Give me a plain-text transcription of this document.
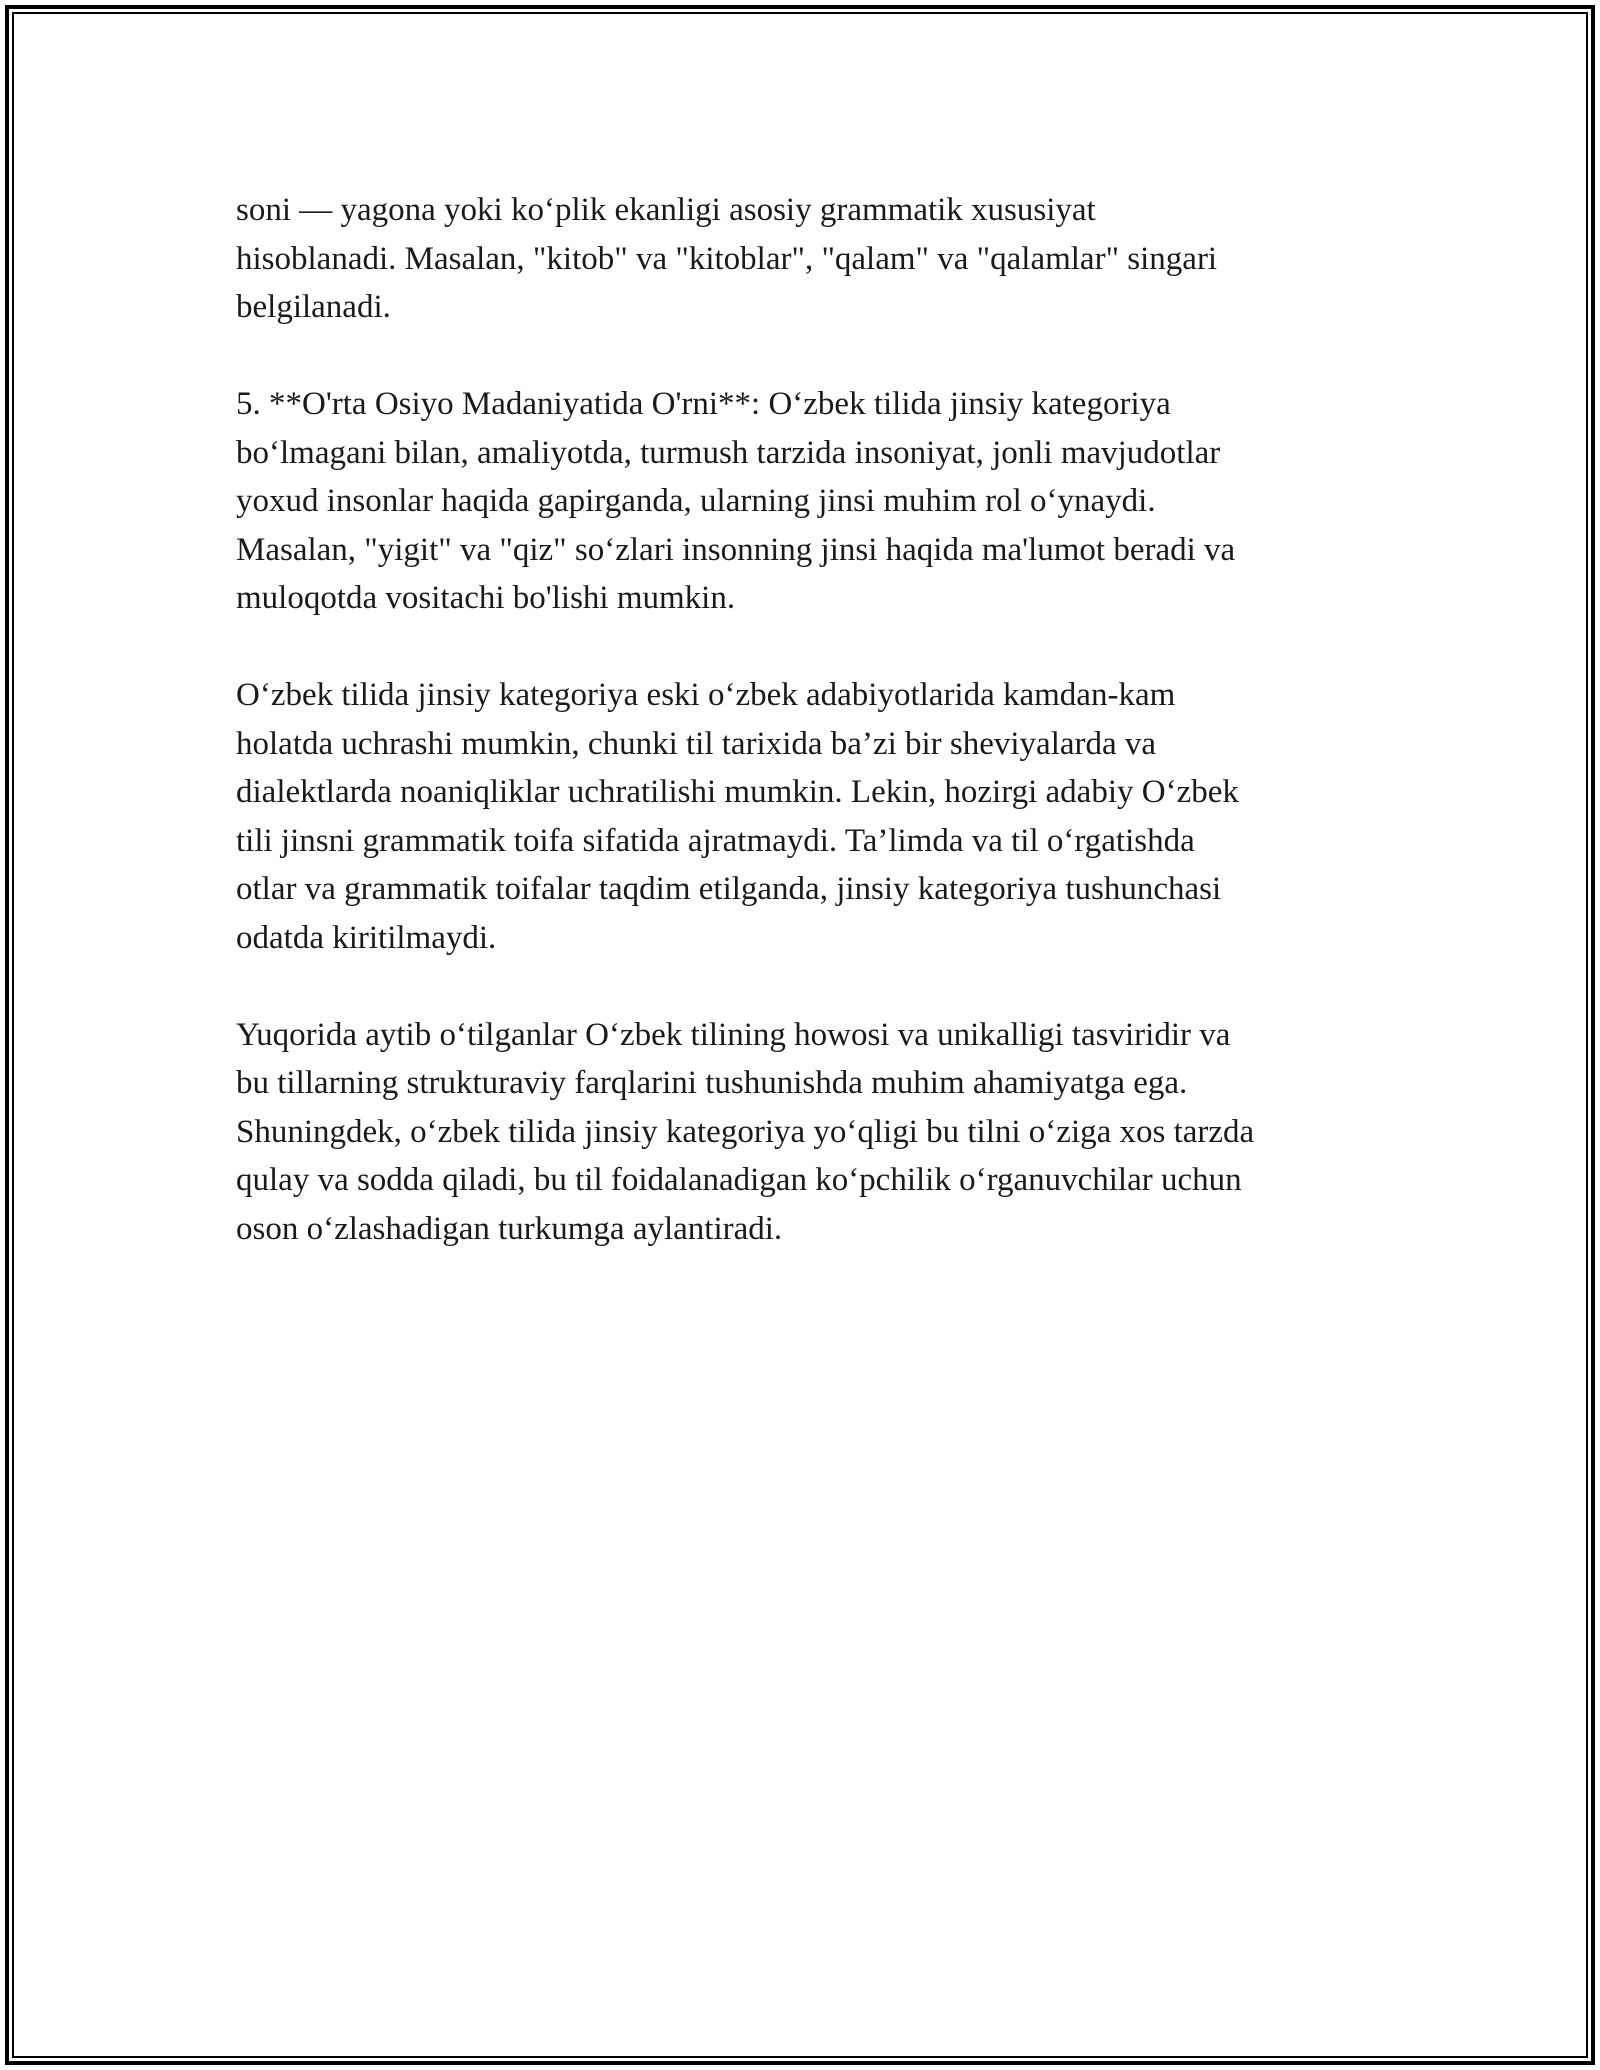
soni — yagona yoki koʻplik ekanligi asosiy grammatik xususiyat
hisoblanadi. Masalan, "kitob" va "kitoblar", "qalam" va "qalamlar" singari
belgilanadi.

5. **O'rta Osiyo Madaniyatida O'rni**: Oʻzbek tilida jinsiy kategoriya
boʻlmagani bilan, amaliyotda, turmush tarzida insoniyat, jonli mavjudotlar
yoxud insonlar haqida gapirganda, ularning jinsi muhim rol oʻynaydi.
Masalan, "yigit" va "qiz" soʻzlari insonning jinsi haqida ma'lumot beradi va
muloqotda vositachi bo'lishi mumkin.

Oʻzbek tilida jinsiy kategoriya eski oʻzbek adabiyotlarida kamdan-kam
holatda uchrashi mumkin, chunki til tarixida ba’zi bir sheviyalarda va
dialektlarda noaniqliklar uchratilishi mumkin. Lekin, hozirgi adabiy Oʻzbek
tili jinsni grammatik toifa sifatida ajratmaydi. Ta’limda va til oʻrgatishda
otlar va grammatik toifalar taqdim etilganda, jinsiy kategoriya tushunchasi
odatda kiritilmaydi.

Yuqorida aytib oʻtilganlar Oʻzbek tilining howosi va unikalligi tasviridir va
bu tillarning strukturaviy farqlarini tushunishda muhim ahamiyatga ega.
Shuningdek, oʻzbek tilida jinsiy kategoriya yoʻqligi bu tilni oʻziga xos tarzda
qulay va sodda qiladi, bu til foidalanadigan koʻpchilik oʻrganuvchilar uchun
oson oʻzlashadigan turkumga aylantiradi.
